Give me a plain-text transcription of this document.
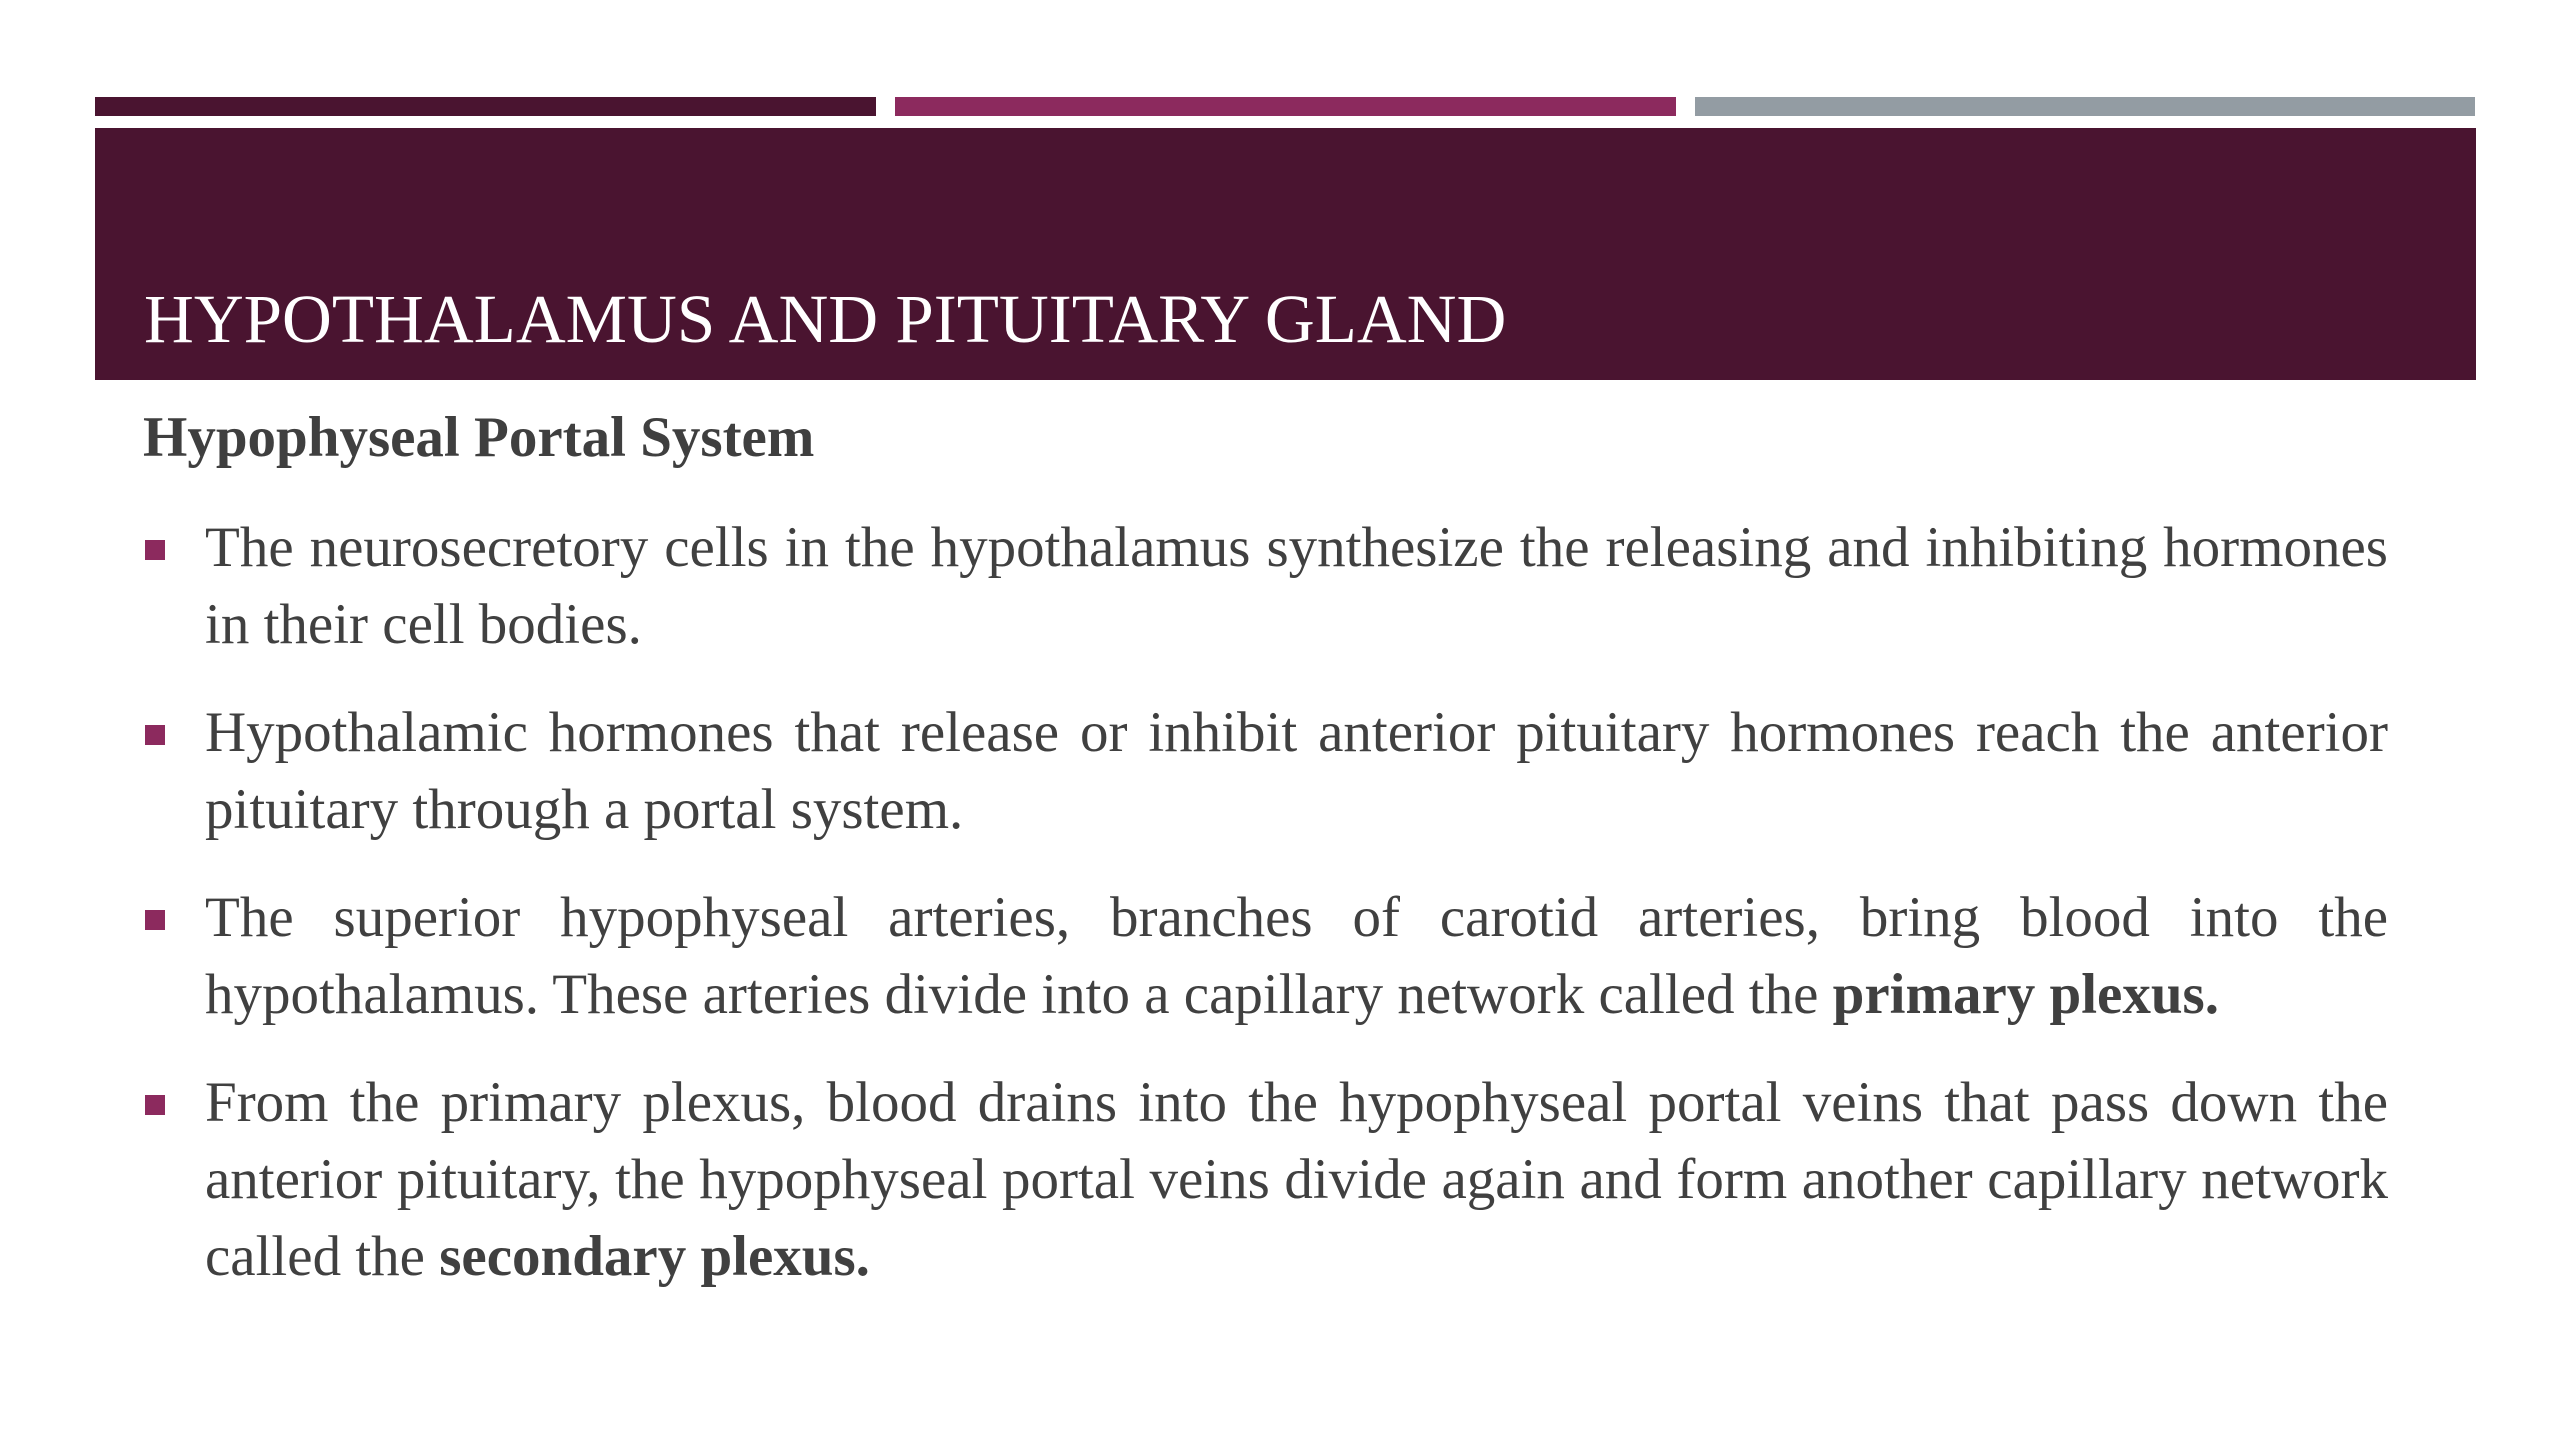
HYPOTHALAMUS AND PITUITARY GLAND
Hypophyseal Portal System
The neurosecretory cells in the hypothalamus synthesize the releasing and inhibiting hormones in their cell bodies.
Hypothalamic hormones that release or inhibit anterior pituitary hormones reach the anterior pituitary through a portal system.
The superior hypophyseal arteries, branches of carotid arteries, bring blood into the hypothalamus. These arteries divide into a capillary network called the primary plexus.
From the primary plexus, blood drains into the hypophyseal portal veins that pass down the anterior pituitary, the hypophyseal portal veins divide again and form another capillary network called the secondary plexus.
